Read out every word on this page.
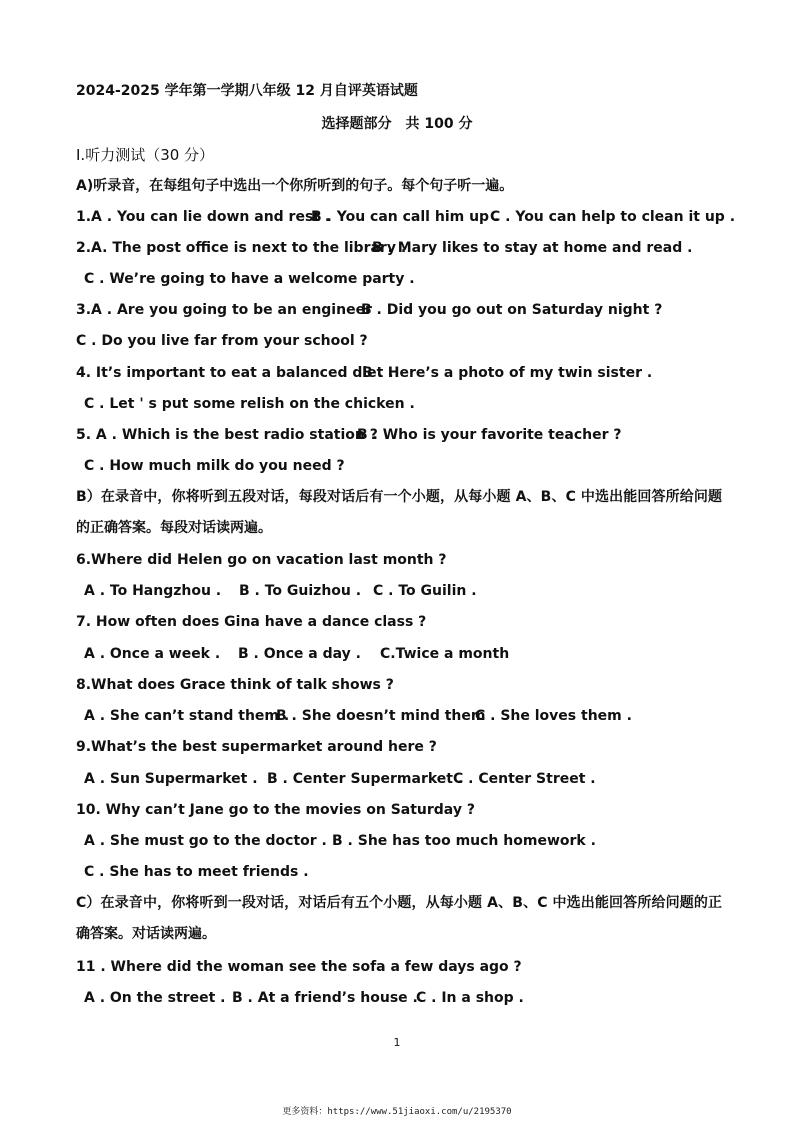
2024-2025 学年第一学期八年级 12 月自评英语试题
选择题部分　共 100 分
Ⅰ.听力测试（30 分）
A)听录音，在每组句子中选出一个你所听到的句子。每个句子听一遍。
1.A . You can lie down and rest .
B . You can call him up .
C . You can help to clean it up .
2.A. The post office is next to the library .
B . Mary likes to stay at home and read .
C . We’re going to have a welcome party .
3.A . Are you going to be an engineer
B . Did you go out on Saturday night ?
C . Do you live far from your school ?
4. It’s important to eat a balanced diet .
B . Here’s a photo of my twin sister .
C . Let ' s put some relish on the chicken .
5. A . Which is the best radio station ?
B . Who is your favorite teacher ?
C . How much milk do you need ?
B）在录音中，你将听到五段对话，每段对话后有一个小题，从每小题 A、B、C 中选出能回答所给问题的正确答案。每段对话读两遍。
6.Where did Helen go on vacation last month ?
A . To Hangzhou . B . To Guizhou . C . To Guilin .
7. How often does Gina have a dance class ?
A . Once a week . B . Once a day . C.Twice a month
8.What does Grace think of talk shows ?
A . She can’t stand them .
B . She doesn’t mind them
C . She loves them .
9.What’s the best supermarket around here ?
A . Sun Supermarket . B . Center Supermarket .
C . Center Street .
10. Why can’t Jane go to the movies on Saturday ?
A . She must go to the doctor . B . She has too much homework .
C . She has to meet friends .
C）在录音中，你将听到一段对话，对话后有五个小题，从每小题 A、B、C 中选出能回答所给问题的正确答案。对话读两遍。
11 . Where did the woman see the sofa a few days ago ?
A . On the street . B . At a friend’s house .
C . In a shop .
1
更多资料：https://www.51jiaoxi.com/u/2195370
